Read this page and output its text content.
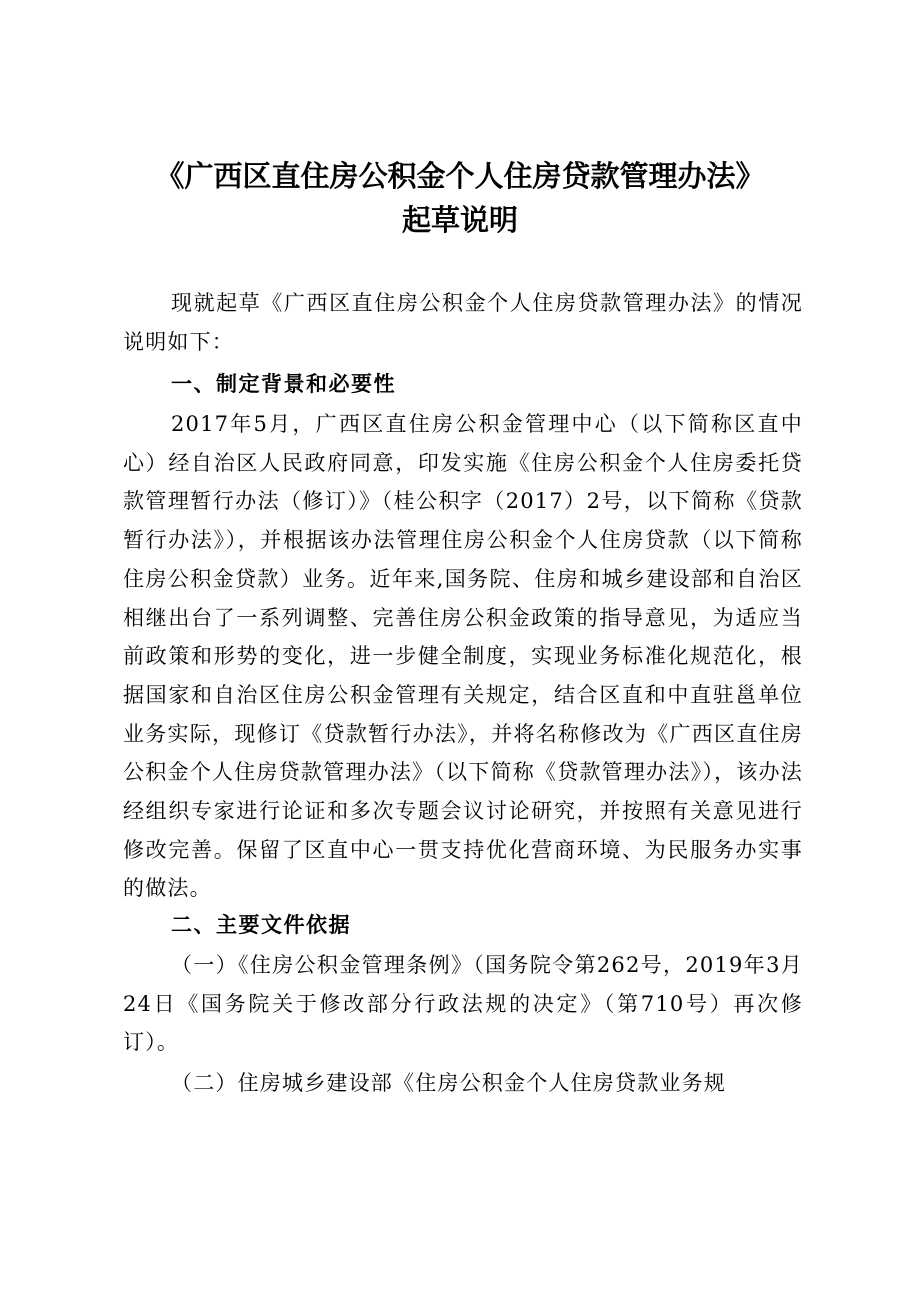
《广西区直住房公积金个人住房贷款管理办法》
起草说明
现就起草《广西区直住房公积金个人住房贷款管理办法》的情况说明如下：
一、制定背景和必要性
2017年5月，广西区直住房公积金管理中心（以下简称区直中心）经自治区人民政府同意，印发实施《住房公积金个人住房委托贷款管理暂行办法（修订）》（桂公积字（2017）2号，以下简称《贷款暂行办法》），并根据该办法管理住房公积金个人住房贷款（以下简称住房公积金贷款）业务。近年来,国务院、住房和城乡建设部和自治区相继出台了一系列调整、完善住房公积金政策的指导意见，为适应当前政策和形势的变化，进一步健全制度，实现业务标准化规范化，根据国家和自治区住房公积金管理有关规定，结合区直和中直驻邕单位业务实际，现修订《贷款暂行办法》，并将名称修改为《广西区直住房公积金个人住房贷款管理办法》（以下简称《贷款管理办法》），该办法经组织专家进行论证和多次专题会议讨论研究，并按照有关意见进行修改完善。保留了区直中心一贯支持优化营商环境、为民服务办实事的做法。
二、主要文件依据
（一）《住房公积金管理条例》（国务院令第262号，2019年3月24日《国务院关于修改部分行政法规的决定》（第710号）再次修订）。
（二）住房城乡建设部《住房公积金个人住房贷款业务规
